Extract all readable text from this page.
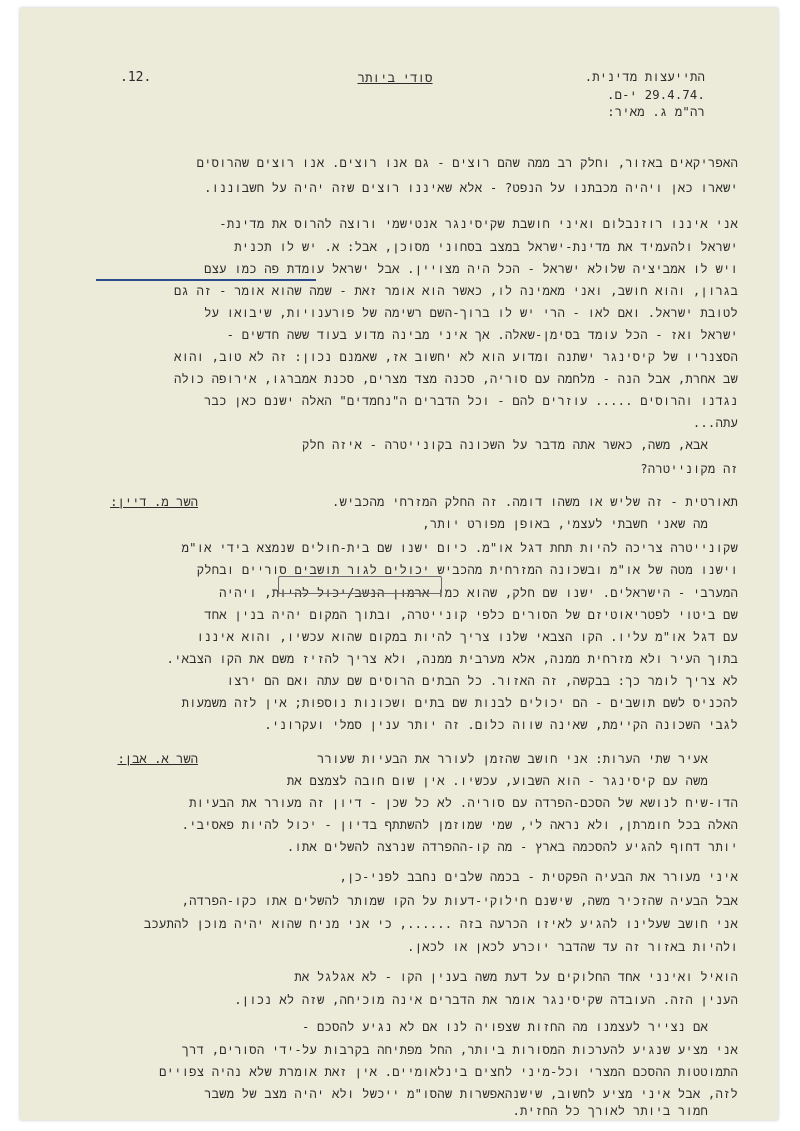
.12.	סודי ביותר	התייעצות מדינית.
.29.4.74 י-ם.
רה"מ ג. מאיר:
האפריקאים באזור, וחלק רב ממה שהם רוצים - גם אנו רוצים. אנו רוצים שהרוסים
ישארו כאן ויהיה מכבתנו על הנפט? - אלא שאיננו רוצים שזה יהיה על חשבוננו.
אני איננו רוזנבלום ואיני חושבת שקיסינגר אנטישמי ורוצה להרוס את מדינת-
ישראל ולהעמיד את מדינת-ישראל במצב בסחוני מסוכן, אבל: א. יש לו תכנית
ויש לו אמביציה שלולא ישראל - הכל היה מצויין. אבל ישראל עומדת פה כמו עצם
בגרון, והוא חושב, ואני מאמינה לו, כאשר הוא אומר זאת - שמה שהוא אומר - זה גם
לטובת ישראל. ואם לאו - הרי יש לו ברוך-השם רשימה של פורענויות, שיבואו על
ישראל ואז - הכל עומד בסימן-שאלה. אך איני מבינה מדוע בעוד ששה חדשים -
הסצנריו של קיסינגר ישתנה ומדוע הוא לא יחשוב אז, שאמנם נכון: זה לא טוב, והוא
שב אחרת, אבל הנה - מלחמה עם סוריה, סכנה מצד מצרים, סכנת אמברגו, אירופה כולה
נגדנו והרוסים ..... עוזרים להם - וכל הדברים ה"נחמדים" האלה ישנם כאן כבר
עתה...
אבא, משה, כאשר אתה מדבר על השכונה בקונייטרה - איזה חלק
זה מקונייטרה?
השר מ. דיין:	תאורטית - זה שליש או משהו דומה. זה החלק המזרחי מהכביש.
מה שאני חשבתי לעצמי, באופן מפורט יותר,
שקונייטרה צריכה להיות תחת דגל או"מ. כיום ישנו שם בית-חולים שנמצא בידי או"מ
וישנו מטה של או"מ ובשכונה המזרחית מהכביש יכולים לגור תושבים סוריים ובחלק
המערבי - הישראלים. ישנו שם חלק, שהוא כמו ארמון הנשב/יכול להיות, ויהיה
שם ביטוי לפטריאוטיזם של הסורים כלפי קונייטרה, ובתוך המקום יהיה בנין אחד
עם דגל או"מ עליו. הקו הצבאי שלנו צריך להיות במקום שהוא עכשיו, והוא איננו
בתוך העיר ולא מזרחית ממנה, אלא מערבית ממנה, ולא צריך להזיז משם את הקו הצבאי.
לא צריך לומר כך: בבקשה, זה האזור. כל הבתים הרוסים שם עתה ואם הם ירצו
להכניס לשם תושבים - הם יכולים לבנות שם בתים ושכונות נוספות; אין לזה משמעות
לגבי השכונה הקיימת, שאינה שווה כלום. זה יותר ענין סמלי ועקרוני.
השר א. אבן:	אעיר שתי הערות: אני חושב שהזמן לעורר את הבעיות שעורר
משה עם קיסינגר - הוא השבוע, עכשיו. אין שום חובה לצמצם את
הדו-שיח לנושא של הסכם-הפרדה עם סוריה. לא כל שכן - דיון זה מעורר את הבעיות
האלה בכל חומרתן, ולא נראה לי, שמי שמוזמן להשתתף בדיון - יכול להיות פאסיבי.
יותר דחוף להגיע להסכמה בארץ - מה קו-ההפרדה שנרצה להשלים אתו.
איני מעורר את הבעיה הפקטית - בכמה שלבים נחבב לפני-כן,
אבל הבעיה שהזכיר משה, שישנם חילוקי-דעות על הקו שמותר להשלים אתו כקו-הפרדה,
אני חושב שעלינו להגיע לאיזו הכרעה בזה ......, כי אני מניח שהוא יהיה מוכן להתעכב
ולהיות באזור זה עד שהדבר יוכרע לכאן או לכאן.
הואיל ואינני אחד החלוקים על דעת משה בענין הקו - לא אגלגל את
הענין הזה. העובדה שקיסינגר אומר את הדברים אינה מוכיחה, שזה לא נכון.
אם נצייר לעצמנו מה החזות שצפויה לנו אם לא נגיע להסכם -
אני מציע שנגיע להערכות המסורות ביותר, החל מפתיחה בקרבות על-ידי הסורים, דרך
התמוטטות ההסכם המצרי וכל-מיני לחצים בינלאומיים. אין זאת אומרת שלא נהיה צפויים
לזה, אבל איני מציע לחשוב, שישנהאפשרות שהסו"מ ייכשל ולא יהיה מצב של משבר
חמור ביותר לאורך כל החזית.
